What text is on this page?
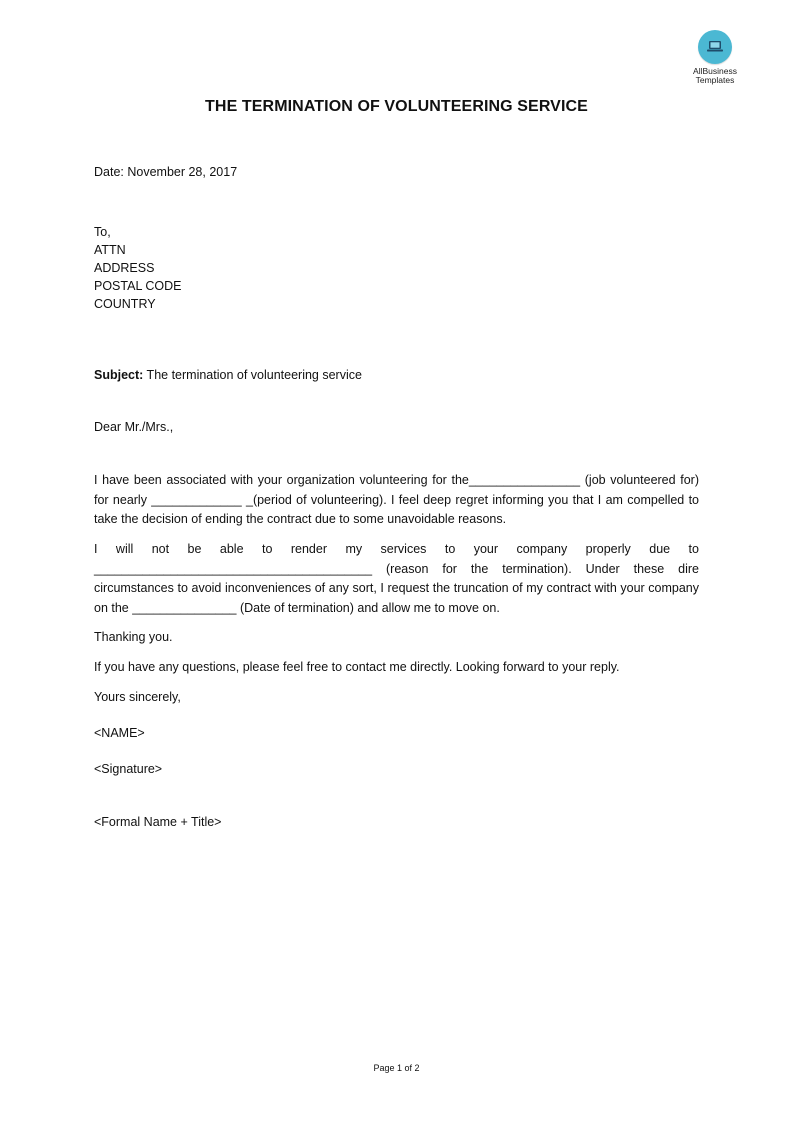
AllBusiness
Templates
THE TERMINATION OF VOLUNTEERING SERVICE
Date: November 28, 2017
To,
ATTN
ADDRESS
POSTAL CODE
COUNTRY
Subject: The termination of volunteering service
Dear Mr./Mrs.,
I have been associated with your organization volunteering for the________________ (job volunteered for) for nearly _____________ _(period of volunteering). I feel deep regret informing you that I am compelled to take the decision of ending the contract due to some unavoidable reasons.
I will not be able to render my services to your company properly due to ________________________________________ (reason for the termination). Under these dire circumstances to avoid inconveniences of any sort, I request the truncation of my contract with your company on the _______________ (Date of termination) and allow me to move on.
Thanking you.
If you have any questions, please feel free to contact me directly. Looking forward to your reply.
Yours sincerely,
<NAME>
<Signature>
<Formal Name + Title>
Page 1 of 2
